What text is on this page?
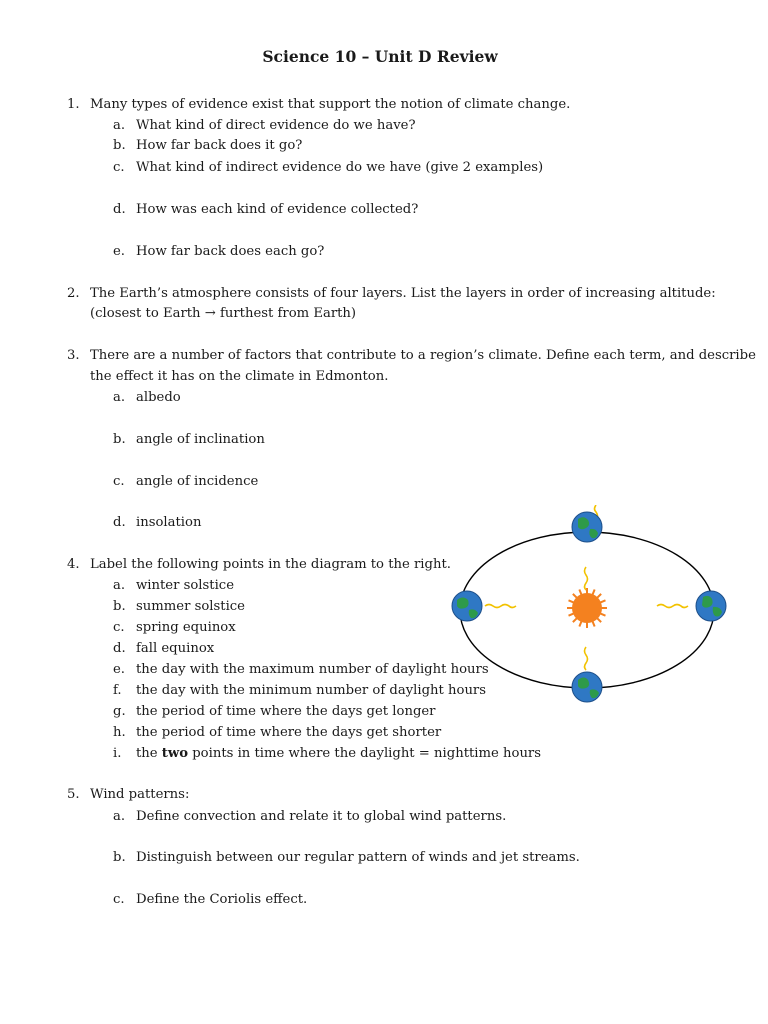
Science 10 – Unit D Review
1. Many types of evidence exist that support the notion of climate change.
a. What kind of direct evidence do we have?
b. How far back does it go?
c. What kind of indirect evidence do we have (give 2 examples)
d. How was each kind of evidence collected?
e. How far back does each go?
2. The Earth’s atmosphere consists of four layers. List the layers in order of increasing altitude:
(closest to Earth → furthest from Earth)
3. There are a number of factors that contribute to a region’s climate. Define each term, and describe
the effect it has on the climate in Edmonton.
a. albedo
b. angle of inclination
c. angle of incidence
d. insolation
4. Label the following points in the diagram to the right.
a. winter solstice
b. summer solstice
c. spring equinox
d. fall equinox
e. the day with the maximum number of daylight hours
f. the day with the minimum number of daylight hours
g. the period of time where the days get longer
h. the period of time where the days get shorter
i. the two points in time where the daylight = nighttime hours
5. Wind patterns:
a. Define convection and relate it to global wind patterns.
b. Distinguish between our regular pattern of winds and jet streams.
c. Define the Coriolis effect.
